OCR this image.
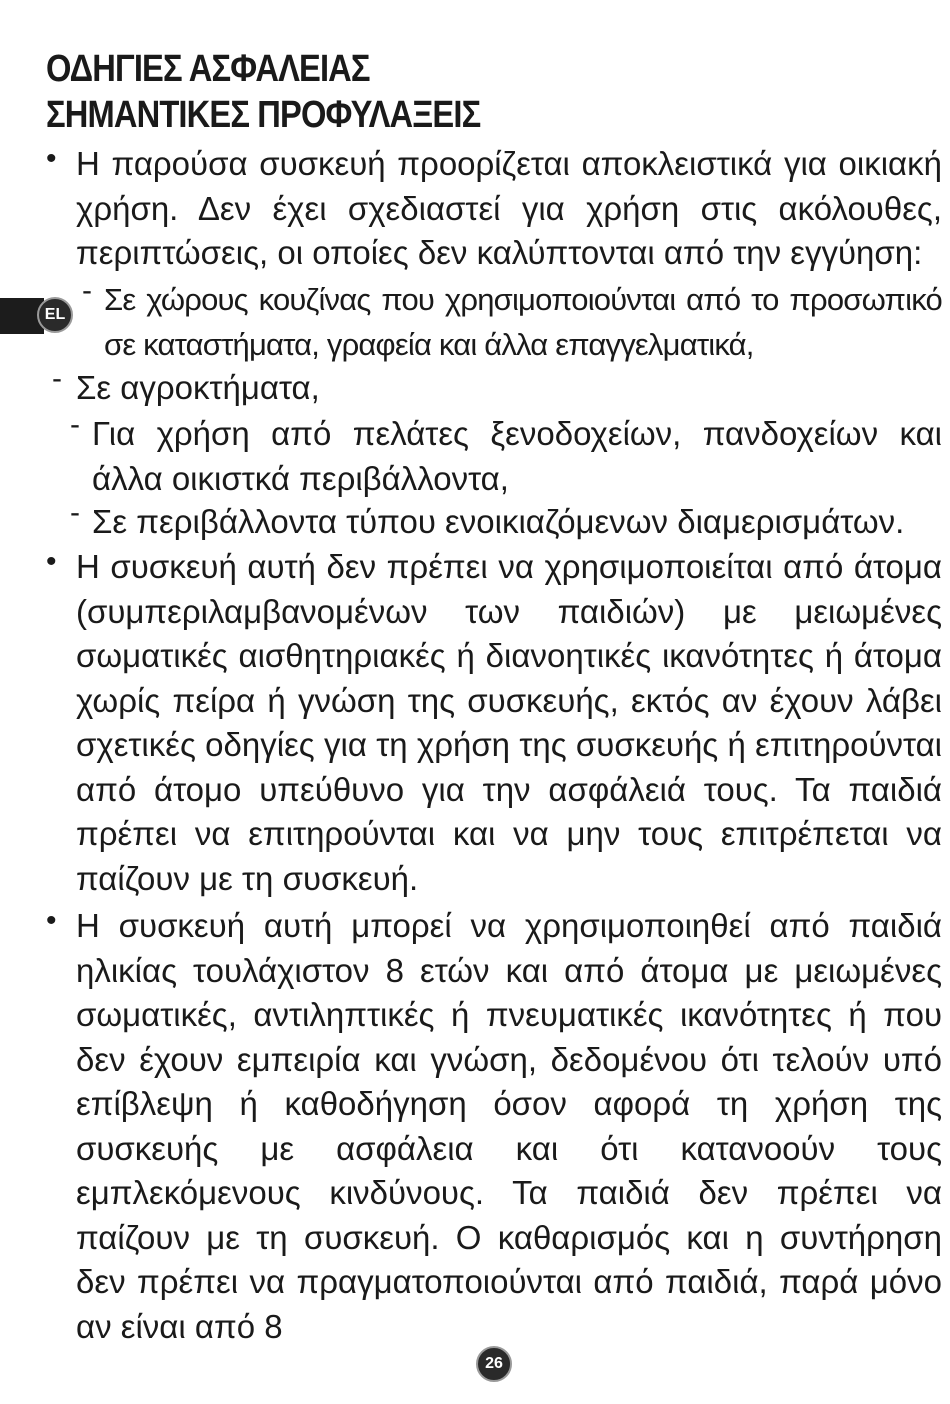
ΟΔΗΓΙΕΣ ΑΣΦΑΛΕΙΑΣ
ΣΗΜΑΝΤΙΚΕΣ ΠΡΟΦΥΛΑΞΕΙΣ
EL
• Η παρούσα συσκευή προορίζεται αποκλειστικά για οικιακή χρήση. Δεν έχει σχεδιαστεί για χρήση στις ακόλουθες, περιπτώσεις, οι οποίες δεν καλύπτονται από την εγγύηση:
- Σε χώρους κουζίνας που χρησιμοποιούνται από το προσωπικό σε καταστήματα, γραφεία και άλλα επαγγελματικά,
- Σε αγροκτήματα,
- Για χρήση από πελάτες ξενοδοχείων, πανδοχείων και άλλα οικιστκά περιβάλλοντα,
- Σε περιβάλλοντα τύπου ενοικιαζόμενων διαμερισμάτων.
• Η συσκευή αυτή δεν πρέπει να χρησιμοποιείται από άτομα (συμπεριλαμβανομένων των παιδιών) με μειωμένες σωματικές αισθητηριακές ή διανοητικές ικανότητες ή άτομα χωρίς πείρα ή γνώση της συσκευής, εκτός αν έχουν λάβει σχετικές οδηγίες για τη χρήση της συσκευής ή επιτηρούνται από άτομο υπεύθυνο για την ασφάλειά τους. Τα παιδιά πρέπει να επιτηρούνται και να μην τους επιτρέπεται να παίζουν με τη συσκευή.
• Η συσκευή αυτή μπορεί να χρησιμοποιηθεί από παιδιά ηλικίας τουλάχιστον 8 ετών και από άτομα με μειωμένες σωματικές, αντιληπτικές ή πνευματικές ικανότητες ή που δεν έχουν εμπειρία και γνώση, δεδομένου ότι τελούν υπό επίβλεψη ή καθοδήγηση όσον αφορά τη χρήση της συσκευής με ασφάλεια και ότι κατανοούν τους εμπλεκόμενους κινδύνους. Τα παιδιά δεν πρέπει να παίζουν με τη συσκευή. Ο καθαρισμός και η συντήρηση δεν πρέπει να πραγματοποιούνται από παιδιά, παρά μόνο αν είναι από 8
26
